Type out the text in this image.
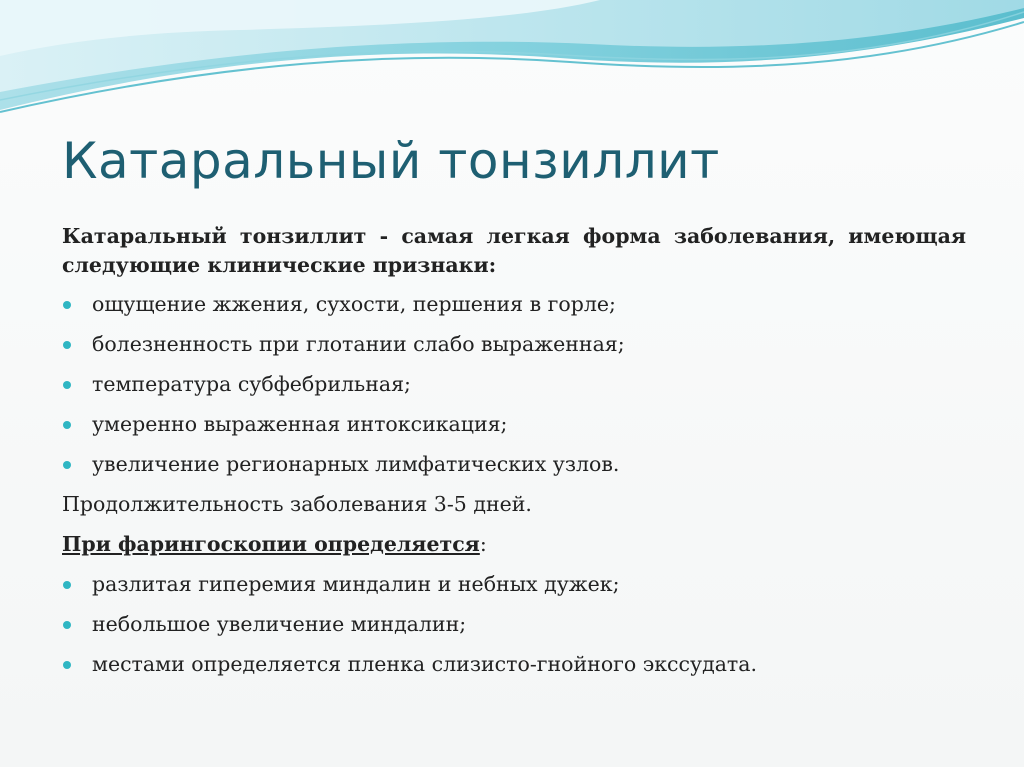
Катаральный тонзиллит

Катаральный тонзиллит - самая легкая форма заболевания, имеющая следующие клинические признаки:

ощущение жжения, сухости, першения в горле;
болезненность при глотании слабо выраженная;
температура субфебрильная;
умеренно выраженная интоксикация;
увеличение регионарных лимфатических узлов.

Продолжительность заболевания 3-5 дней.

При фарингоскопии определяется:

разлитая гиперемия миндалин и небных дужек;
небольшое увеличение миндалин;
местами определяется пленка слизисто-гнойного экссудата.
